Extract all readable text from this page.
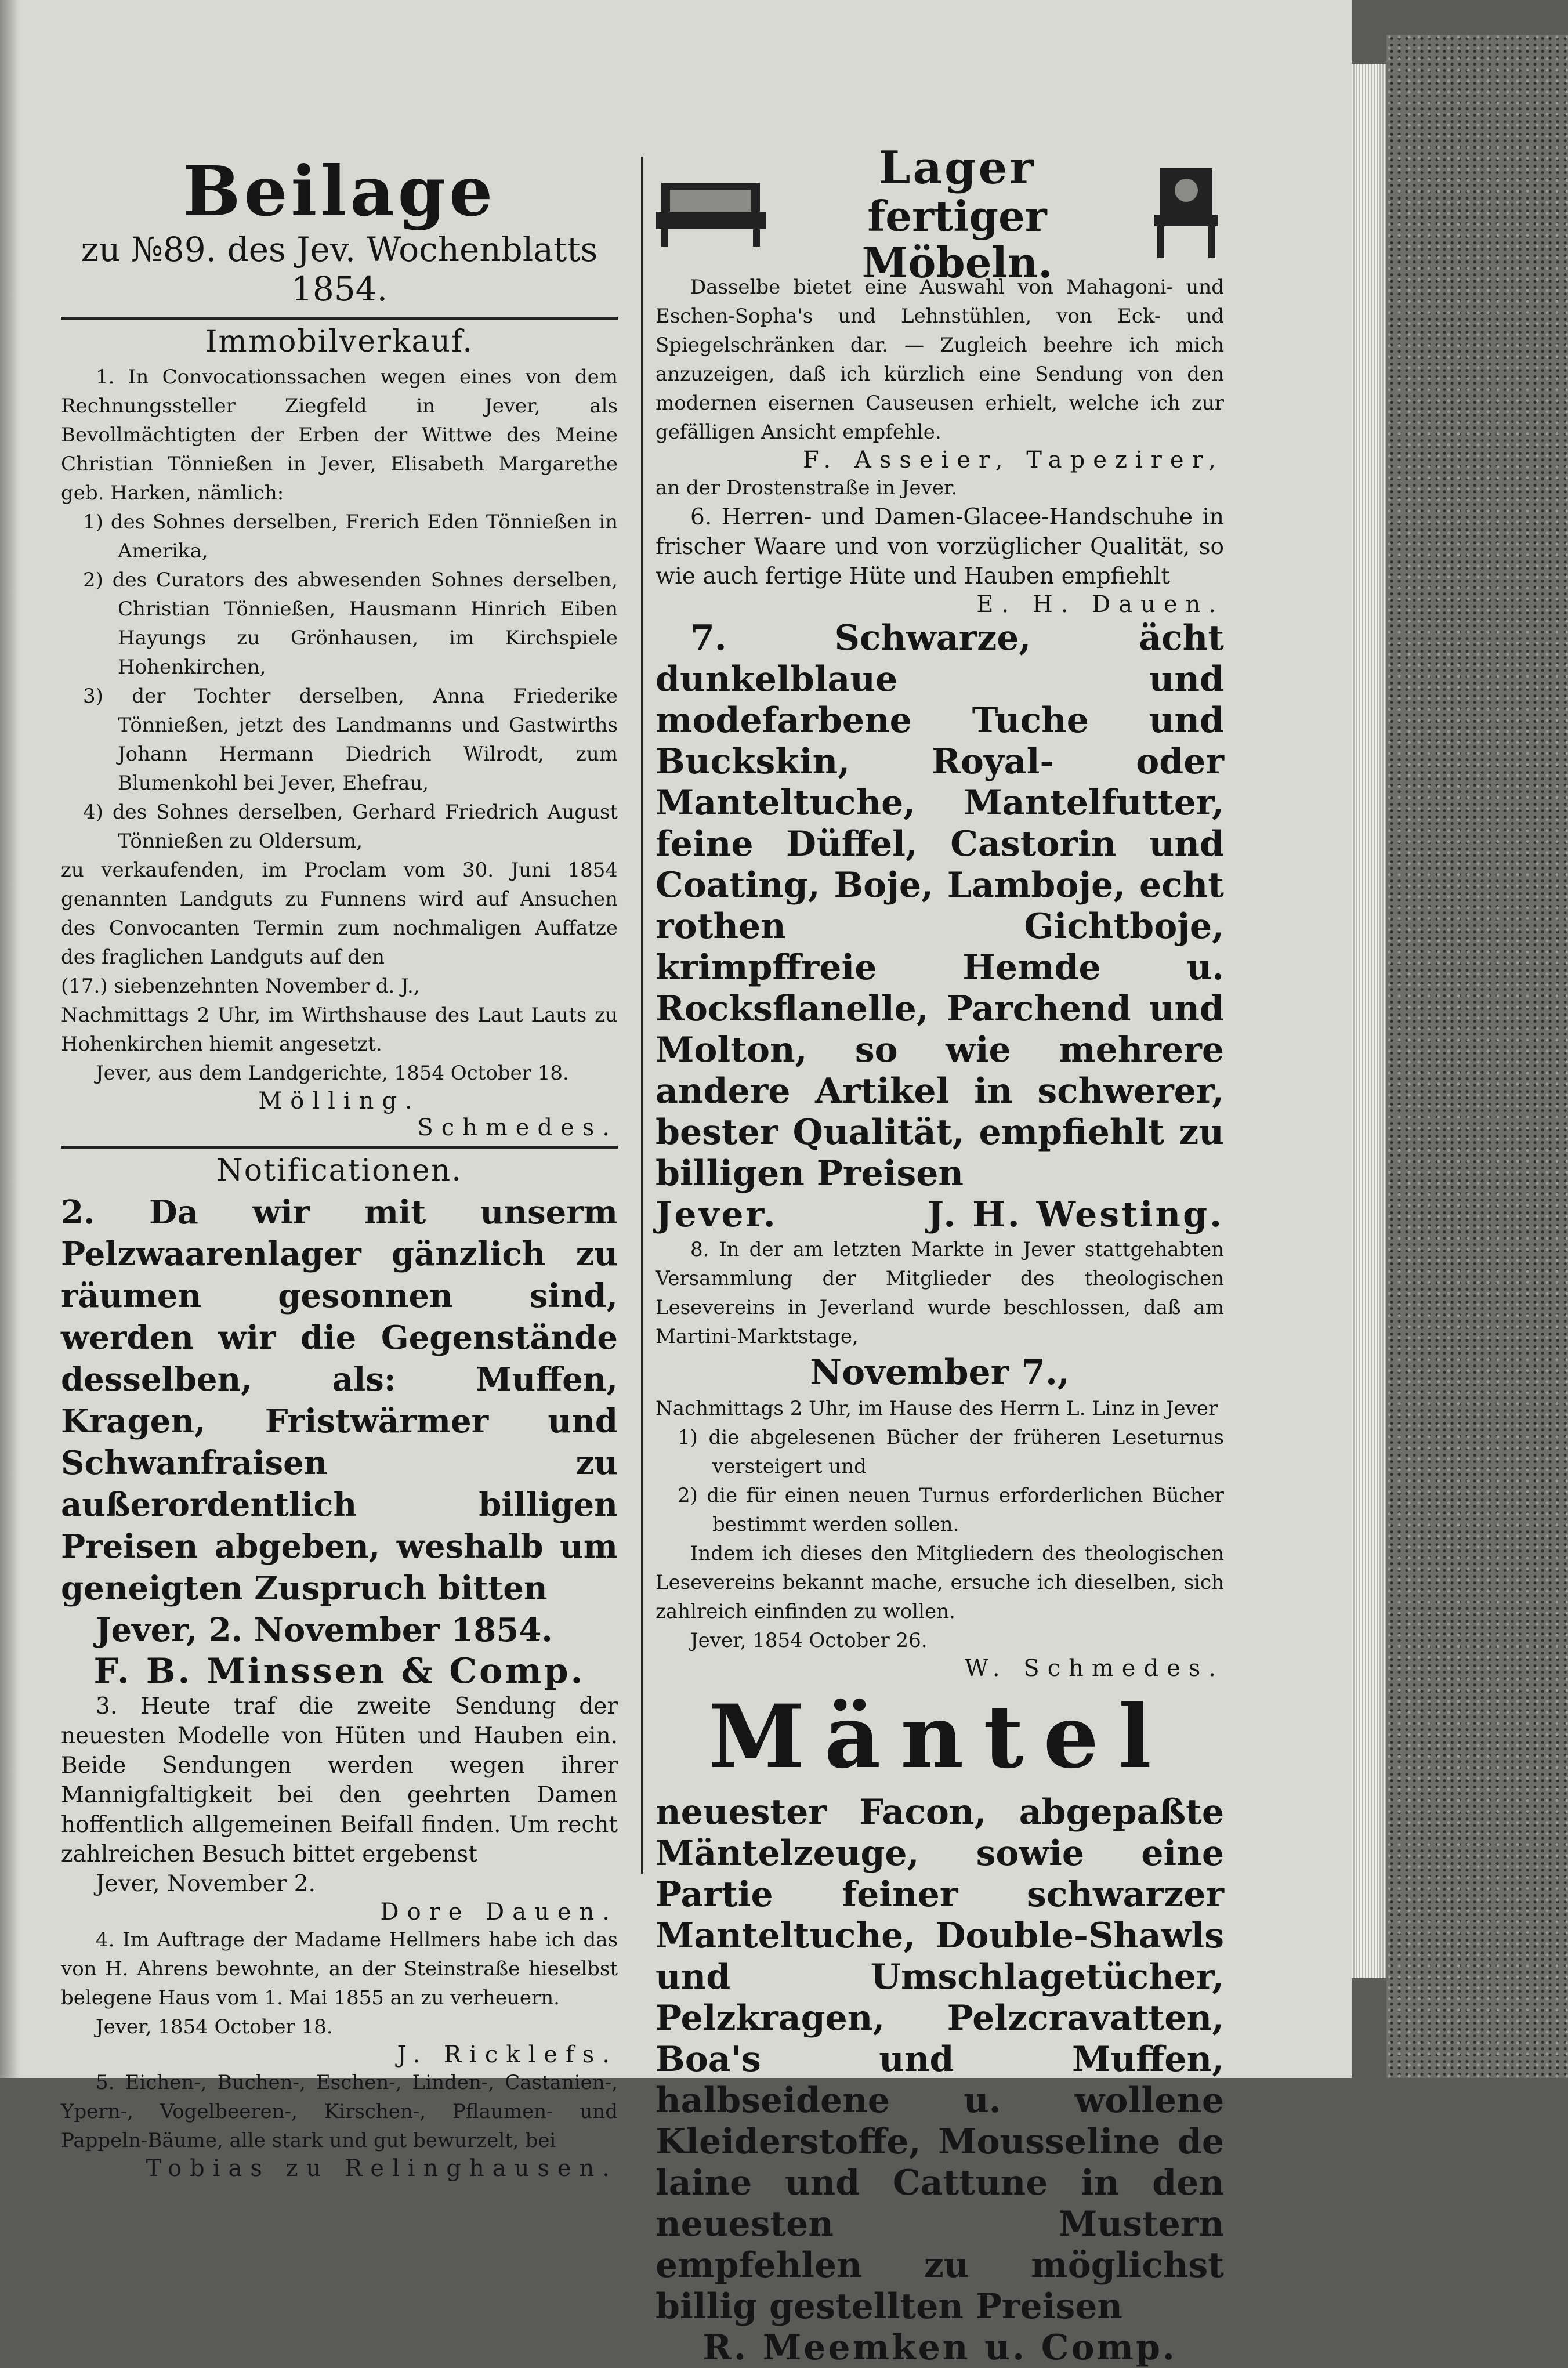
Beilage
zu №89. des Jev. Wochenblatts 1854.
Immobilverkauf.

1. In Convocationssachen wegen eines von dem Rechnungssteller Ziegfeld in Jever, als Bevollmächtigten der Erben der Wittwe des Meine Christian Tönnießen in Jever, Elisabeth Margarethe geb. Harken, nämlich:

1) des Sohnes derselben, Frerich Eden Tönnießen in Amerika,
2) des Curators des abwesenden Sohnes derselben, Christian Tönnießen, Hausmann Hinrich Eiben Hayungs zu Grönhausen, im Kirchspiele Hohenkirchen,
3) der Tochter derselben, Anna Friederike Tönnießen, jetzt des Landmanns und Gastwirths Johann Hermann Diedrich Wilrodt, zum Blumenkohl bei Jever, Ehefrau,
4) des Sohnes derselben, Gerhard Friedrich August Tönnießen zu Oldersum,

zu verkaufenden, im Proclam vom 30. Juni 1854 genannten Landguts zu Funnens wird auf Ansuchen des Convocanten Termin zum nochmaligen Auffatze des fraglichen Landguts auf den

(17.) siebenzehnten November d. J.,

Nachmittags 2 Uhr, im Wirthshause des Laut Lauts zu Hohenkirchen hiemit angesetzt.

Jever, aus dem Landgerichte, 1854 October 18.

Mölling.

Schmedes.

Notificationen.

2. Da wir mit unserm Pelzwaarenlager gänzlich zu räumen gesonnen sind, werden wir die Gegenstände desselben, als: Muffen, Kragen, Fristwärmer und Schwanfraisen zu außerordentlich billigen Preisen abgeben, weshalb um geneigten Zuspruch bitten

Jever, 2. November 1854.

F. B. Minssen & Comp.

3. Heute traf die zweite Sendung der neuesten Modelle von Hüten und Hauben ein. Beide Sendungen werden wegen ihrer Mannigfaltigkeit bei den geehrten Damen hoffentlich allgemeinen Beifall finden. Um recht zahlreichen Besuch bittet ergebenst

Jever, November 2.

Dore Dauen.

4. Im Auftrage der Madame Hellmers habe ich das von H. Ahrens bewohnte, an der Steinstraße hieselbst belegene Haus vom 1. Mai 1855 an zu verheuern.

Jever, 1854 October 18.

J. Ricklefs.

5. Eichen-, Buchen-, Eschen-, Linden-, Castanien-, Ypern-, Vogelbeeren-, Kirschen-, Pflaumen- und Pappeln-Bäume, alle stark und gut bewurzelt, bei

Tobias zu Relinghausen.

Lager
fertiger Möbeln.

Dasselbe bietet eine Auswahl von Mahagoni- und Eschen-Sopha's und Lehnstühlen, von Eck- und Spiegelschränken dar. — Zugleich beehre ich mich anzuzeigen, daß ich kürzlich eine Sendung von den modernen eisernen Causeusen erhielt, welche ich zur gefälligen Ansicht empfehle.

F. Asseier, Tapezirer,

an der Drostenstraße in Jever.

6. Herren- und Damen-Glacee-Handschuhe in frischer Waare und von vorzüglicher Qualität, so wie auch fertige Hüte und Hauben empfiehlt

E. H. Dauen.

7. Schwarze, ächt dunkelblaue und modefarbene Tuche und Buckskin, Royal- oder Manteltuche, Mantelfutter, feine Düffel, Castorin und Coating, Boje, Lamboje, echt rothen Gichtboje, krimpffreie Hemde u. Rocksflanelle, Parchend und Molton, so wie mehrere andere Artikel in schwerer, bester Qualität, empfiehlt zu billigen Preisen

Jever.	J. H. Westing.

8. In der am letzten Markte in Jever stattgehabten Versammlung der Mitglieder des theologischen Lesevereins in Jeverland wurde beschlossen, daß am Martini-Marktstage,

November 7.,

Nachmittags 2 Uhr, im Hause des Herrn L. Linz in Jever

1) die abgelesenen Bücher der früheren Leseturnus versteigert und
2) die für einen neuen Turnus erforderlichen Bücher bestimmt werden sollen.

Indem ich dieses den Mitgliedern des theologischen Lesevereins bekannt mache, ersuche ich dieselben, sich zahlreich einfinden zu wollen.

Jever, 1854 October 26.

W. Schmedes.

Mäntel

neuester Facon, abgepaßte Mäntelzeuge, sowie eine Partie feiner schwarzer Manteltuche, Double-Shawls und Umschlagetücher, Pelzkragen, Pelzcravatten, Boa's und Muffen, halbseidene u. wollene Kleiderstoffe, Mousseline de laine und Cattune in den neuesten Mustern empfehlen zu möglichst billig gestellten Preisen

R. Meemken u. Comp.
